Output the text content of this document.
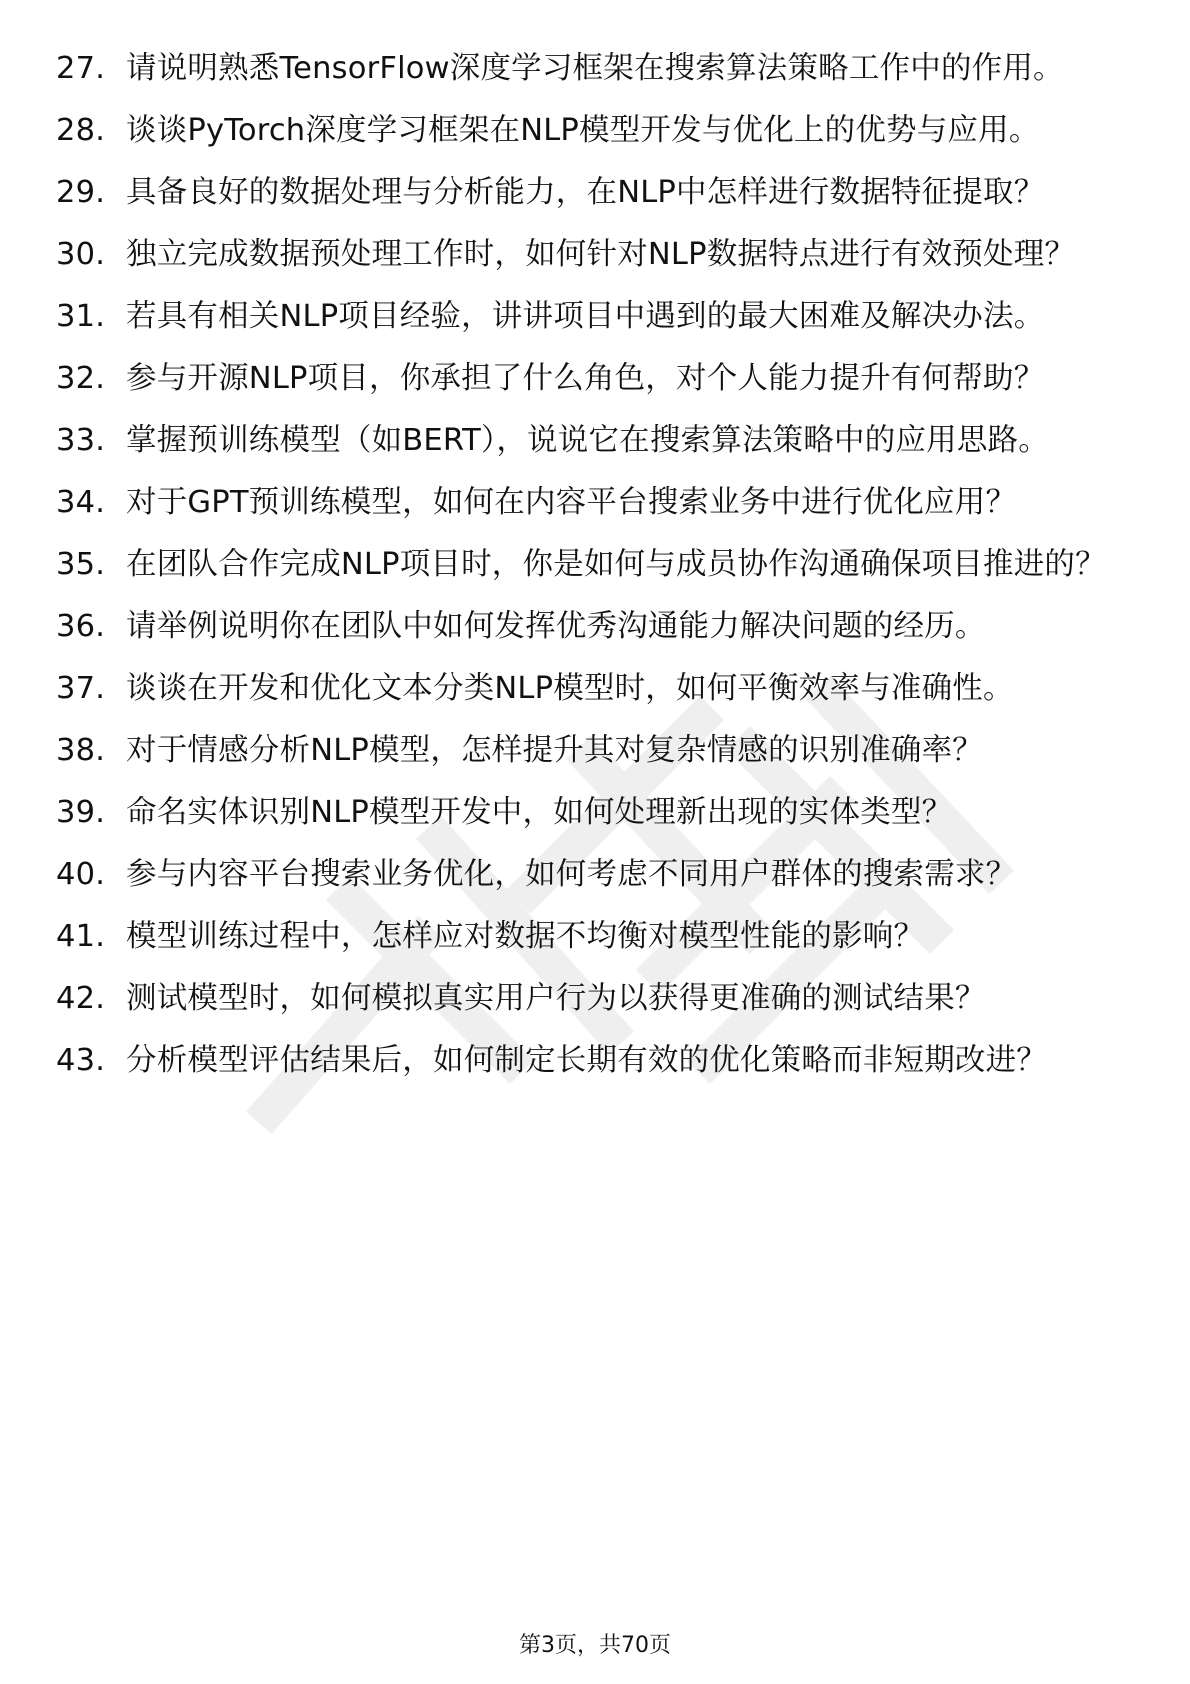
27. 请说明熟悉TensorFlow深度学习框架在搜索算法策略工作中的作用。
28. 谈谈PyTorch深度学习框架在NLP模型开发与优化上的优势与应用。
29. 具备良好的数据处理与分析能力，在NLP中怎样进行数据特征提取？
30. 独立完成数据预处理工作时，如何针对NLP数据特点进行有效预处理？
31. 若具有相关NLP项目经验，讲讲项目中遇到的最大困难及解决办法。
32. 参与开源NLP项目，你承担了什么角色，对个人能力提升有何帮助？
33. 掌握预训练模型（如BERT），说说它在搜索算法策略中的应用思路。
34. 对于GPT预训练模型，如何在内容平台搜索业务中进行优化应用？
35. 在团队合作完成NLP项目时，你是如何与成员协作沟通确保项目推进的？
36. 请举例说明你在团队中如何发挥优秀沟通能力解决问题的经历。
37. 谈谈在开发和优化文本分类NLP模型时，如何平衡效率与准确性。
38. 对于情感分析NLP模型，怎样提升其对复杂情感的识别准确率？
39. 命名实体识别NLP模型开发中，如何处理新出现的实体类型？
40. 参与内容平台搜索业务优化，如何考虑不同用户群体的搜索需求？
41. 模型训练过程中，怎样应对数据不均衡对模型性能的影响？
42. 测试模型时，如何模拟真实用户行为以获得更准确的测试结果？
43. 分析模型评估结果后，如何制定长期有效的优化策略而非短期改进？
第3页，共70页
